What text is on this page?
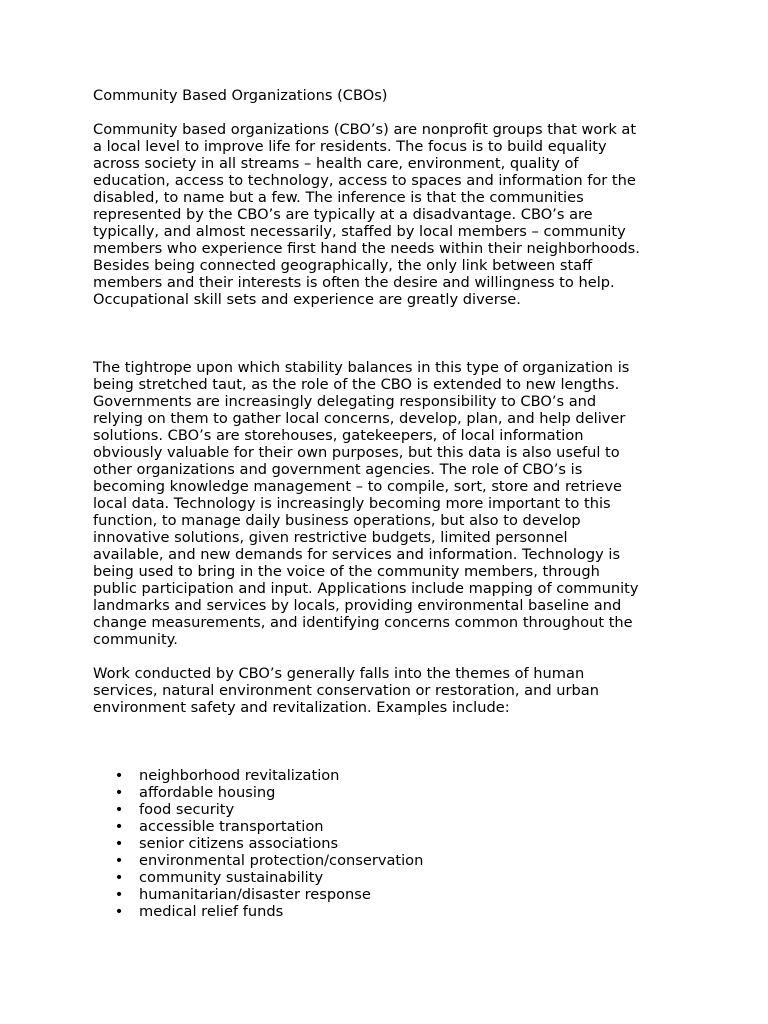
Community Based Organizations (CBOs)

Community based organizations (CBO’s) are nonprofit groups that work at
a local level to improve life for residents. The focus is to build equality
across society in all streams – health care, environment, quality of
education, access to technology, access to spaces and information for the
disabled, to name but a few. The inference is that the communities
represented by the CBO’s are typically at a disadvantage. CBO’s are
typically, and almost necessarily, staffed by local members – community
members who experience first hand the needs within their neighborhoods.
Besides being connected geographically, the only link between staff
members and their interests is often the desire and willingness to help.
Occupational skill sets and experience are greatly diverse.

The tightrope upon which stability balances in this type of organization is
being stretched taut, as the role of the CBO is extended to new lengths.
Governments are increasingly delegating responsibility to CBO’s and
relying on them to gather local concerns, develop, plan, and help deliver
solutions. CBO’s are storehouses, gatekeepers, of local information
obviously valuable for their own purposes, but this data is also useful to
other organizations and government agencies. The role of CBO’s is
becoming knowledge management – to compile, sort, store and retrieve
local data. Technology is increasingly becoming more important to this
function, to manage daily business operations, but also to develop
innovative solutions, given restrictive budgets, limited personnel
available, and new demands for services and information. Technology is
being used to bring in the voice of the community members, through
public participation and input. Applications include mapping of community
landmarks and services by locals, providing environmental baseline and
change measurements, and identifying concerns common throughout the
community.

Work conducted by CBO’s generally falls into the themes of human
services, natural environment conservation or restoration, and urban
environment safety and revitalization. Examples include:

• neighborhood revitalization
• affordable housing
• food security
• accessible transportation
• senior citizens associations
• environmental protection/conservation
• community sustainability
• humanitarian/disaster response
• medical relief funds
